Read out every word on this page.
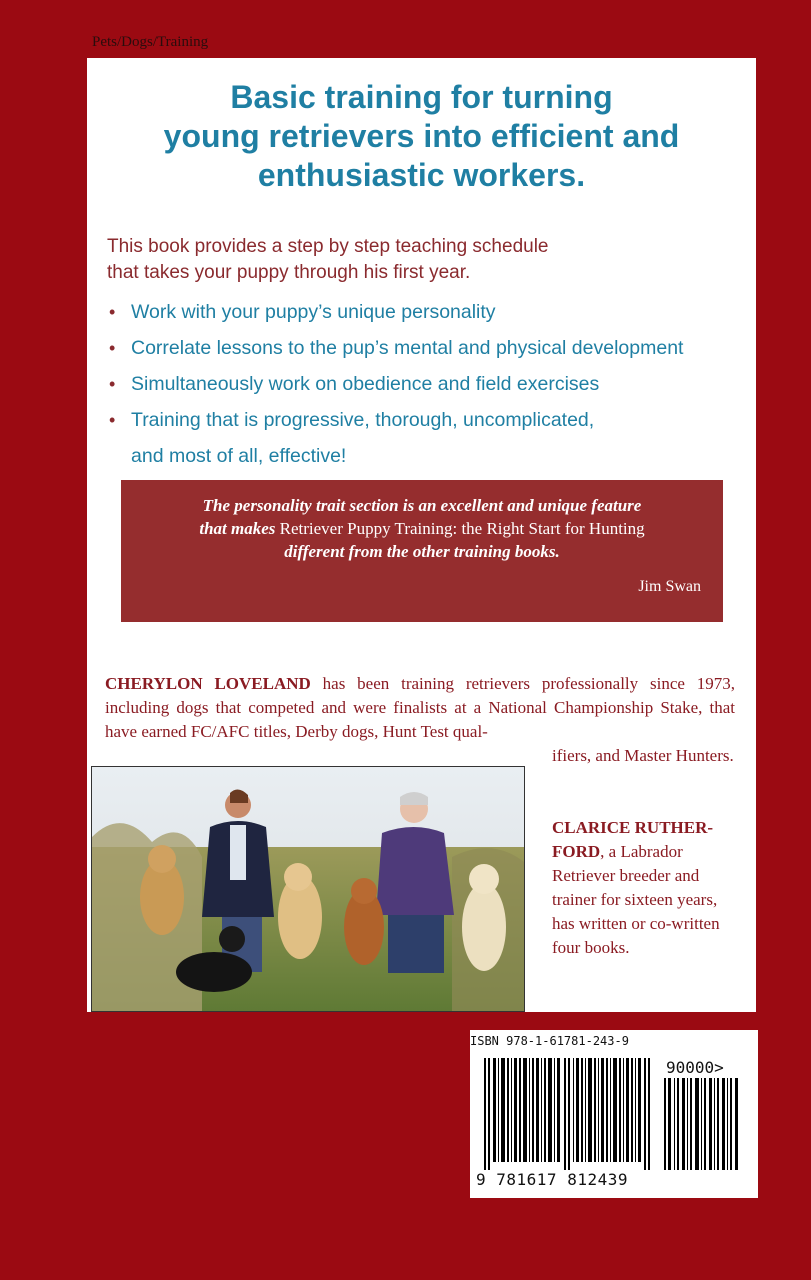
Pets/Dogs/Training
Basic training for turning
young retrievers into efficient and
enthusiastic workers.
This book provides a step by step teaching schedule
that takes your puppy through his first year.
• Work with your puppy’s unique personality
• Correlate lessons to the pup’s mental and physical development
• Simultaneously work on obedience and field exercises
• Training that is progressive, thorough, uncomplicated,
and most of all, effective!
The personality trait section is an excellent and unique feature
that makes Retriever Puppy Training: the Right Start for Hunting
different from the other training books.
Jim Swan
CHERYLON LOVELAND has been training retrievers professionally since 1973, including dogs that competed and were finalists at a National Championship Stake, that have earned FC/AFC titles, Derby dogs, Hunt Test qual-
ifiers, and Master Hunters.
CLARICE RUTHER-FORD, a Labrador Retriever breeder and trainer for sixteen years, has written or co-written four books.
ISBN 978-1-61781-243-9
90000>
9 781617 812439
